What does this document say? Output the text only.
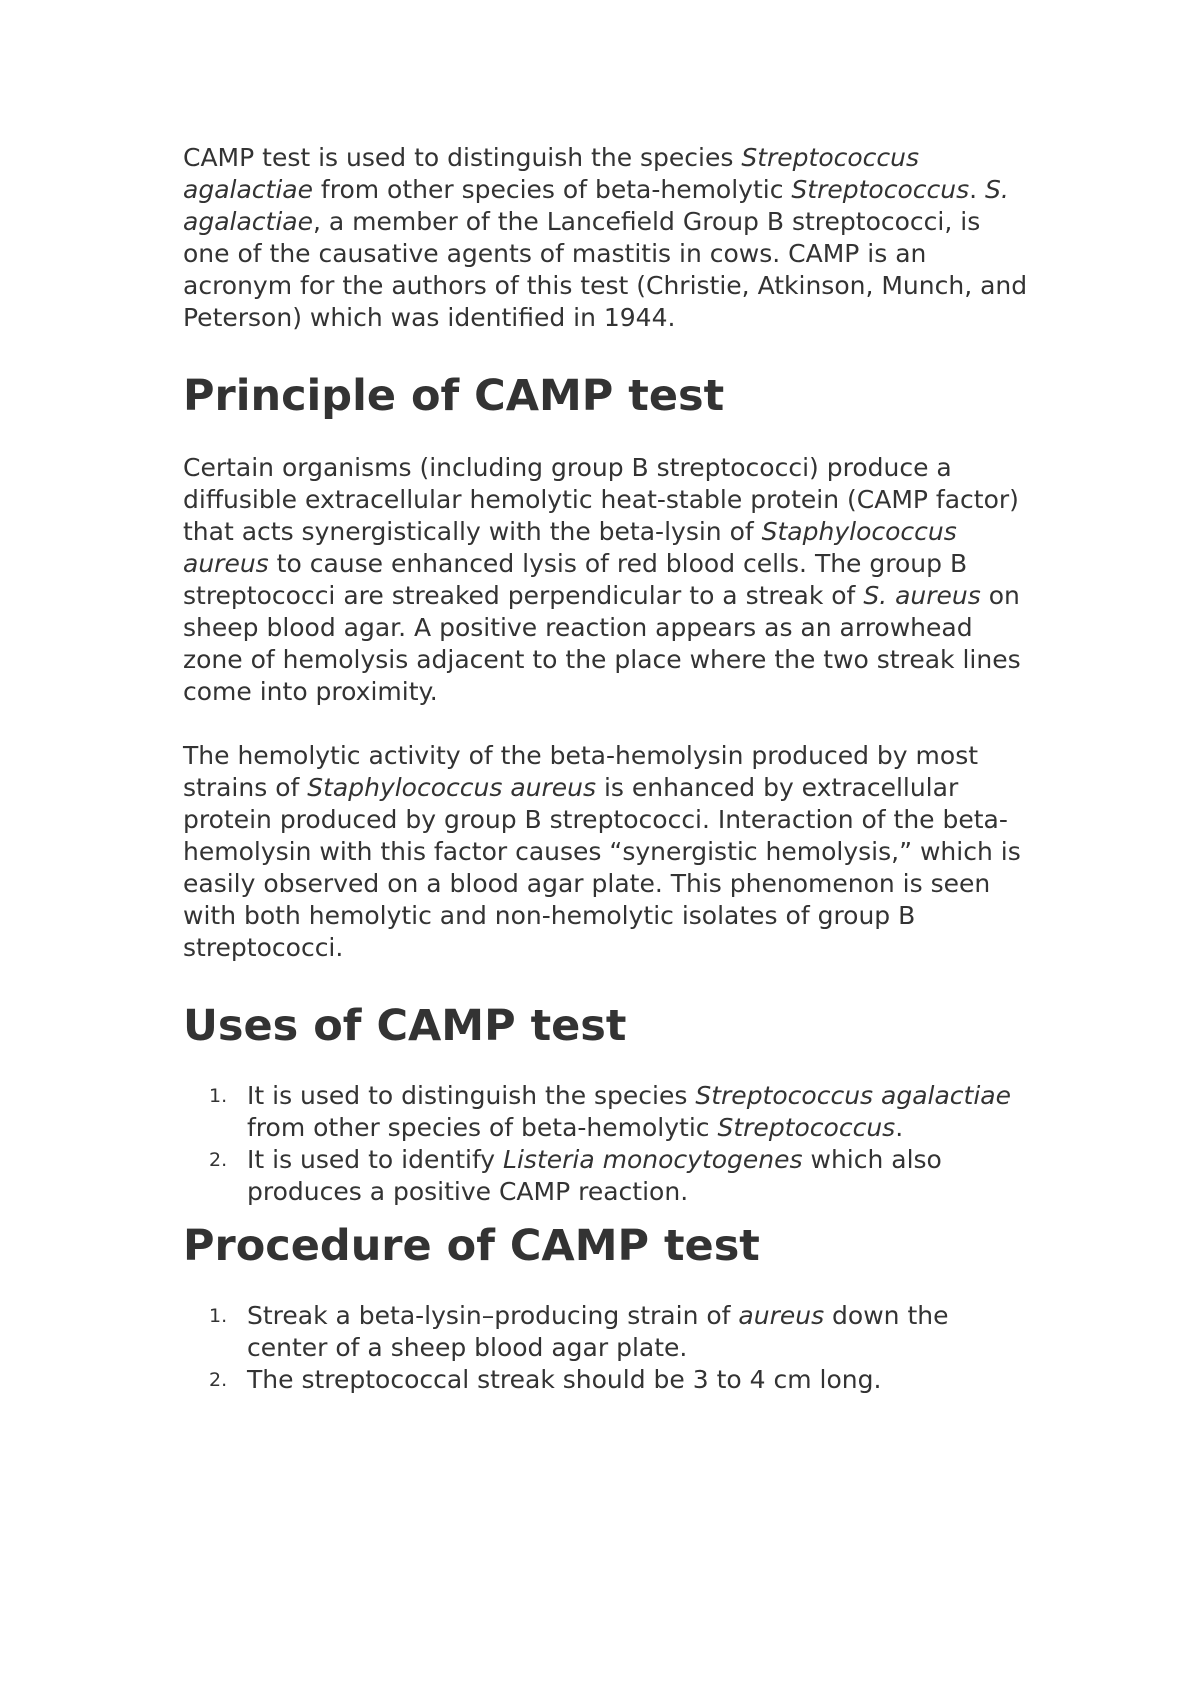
CAMP test is used to distinguish the species Streptococcus agalactiae from other species of beta-hemolytic Streptococcus. S. agalactiae, a member of the Lancefield Group B streptococci, is one of the causative agents of mastitis in cows. CAMP is an acronym for the authors of this test (Christie, Atkinson, Munch, and Peterson) which was identified in 1944.

Principle of CAMP test

Certain organisms (including group B streptococci) produce a diffusible extracellular hemolytic heat-stable protein (CAMP factor) that acts synergistically with the beta-lysin of Staphylococcus aureus to cause enhanced lysis of red blood cells. The group B streptococci are streaked perpendicular to a streak of S. aureus on sheep blood agar. A positive reaction appears as an arrowhead zone of hemolysis adjacent to the place where the two streak lines come into proximity.

The hemolytic activity of the beta-hemolysin produced by most strains of Staphylococcus aureus is enhanced by extracellular protein produced by group B streptococci. Interaction of the beta-hemolysin with this factor causes “synergistic hemolysis,” which is easily observed on a blood agar plate. This phenomenon is seen with both hemolytic and non-hemolytic isolates of group B streptococci.

Uses of CAMP test
1. It is used to distinguish the species Streptococcus agalactiae from other species of beta-hemolytic Streptococcus.
2. It is used to identify Listeria monocytogenes which also produces a positive CAMP reaction.
Procedure of CAMP test
1. Streak a beta-lysin–producing strain of aureus down the center of a sheep blood agar plate.
2. The streptococcal streak should be 3 to 4 cm long.
